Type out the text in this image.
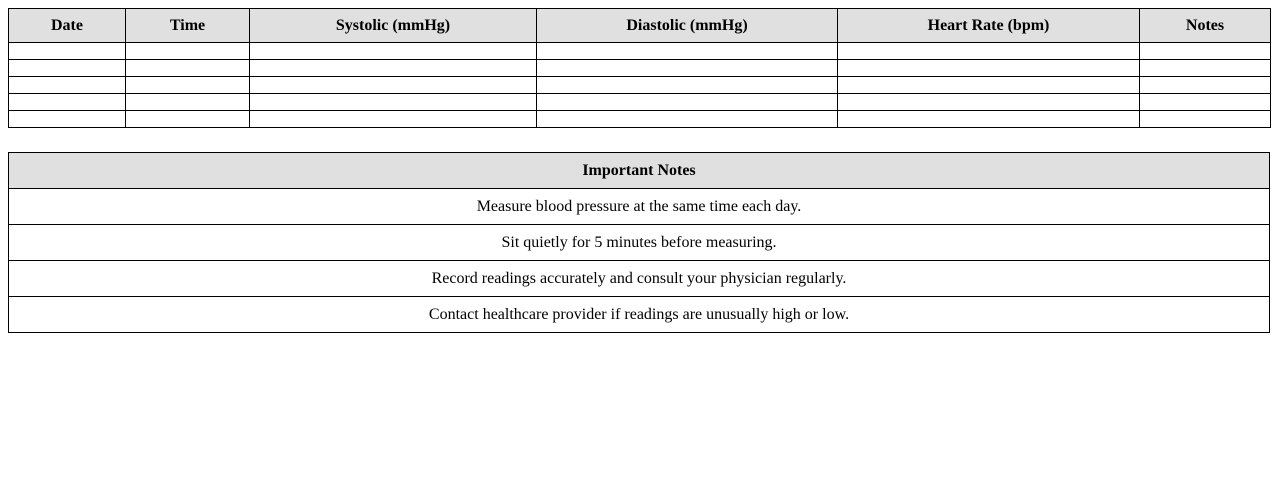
Date	Time	Systolic (mmHg)	Diastolic (mmHg)	Heart Rate (bpm)	Notes

Important Notes
Measure blood pressure at the same time each day.
Sit quietly for 5 minutes before measuring.
Record readings accurately and consult your physician regularly.
Contact healthcare provider if readings are unusually high or low.
